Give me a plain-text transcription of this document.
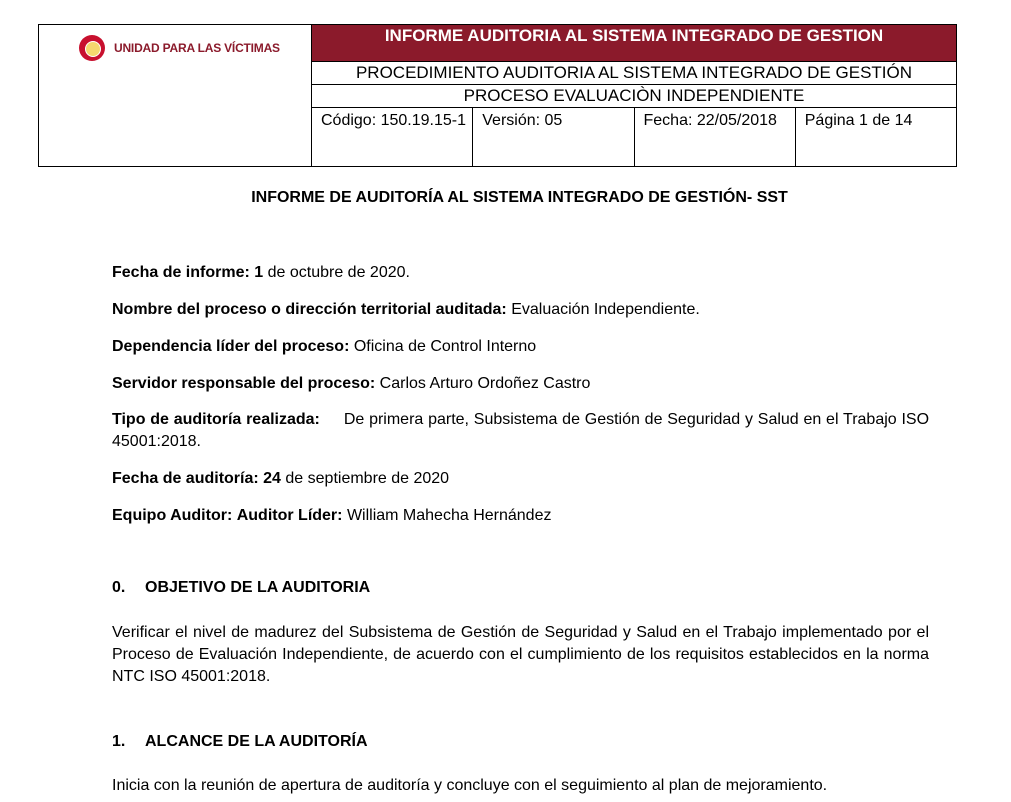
UNIDAD PARA LAS VÍCTIMAS	INFORME AUDITORIA AL SISTEMA INTEGRADO DE GESTION			
	PROCEDIMIENTO AUDITORIA AL SISTEMA INTEGRADO DE GESTIÓN			
	PROCESO EVALUACIÒN INDEPENDIENTE			
	Código: 150.19.15-1	Versión: 05	Fecha: 22/05/2018	Página 1 de 14
INFORME DE AUDITORÍA AL SISTEMA INTEGRADO DE GESTIÓN- SST
Fecha de informe: 1 de octubre de 2020.
Nombre del proceso o dirección territorial auditada: Evaluación Independiente.
Dependencia líder del proceso: Oficina de Control Interno
Servidor responsable del proceso: Carlos Arturo Ordoñez Castro
Tipo de auditoría realizada: De primera parte, Subsistema de Gestión de Seguridad y Salud en el Trabajo ISO 45001:2018.
Fecha de auditoría: 24 de septiembre de 2020
Equipo Auditor: Auditor Líder: William Mahecha Hernández
0. OBJETIVO DE LA AUDITORIA
Verificar el nivel de madurez del Subsistema de Gestión de Seguridad y Salud en el Trabajo implementado por el Proceso de Evaluación Independiente, de acuerdo con el cumplimiento de los requisitos establecidos en la norma NTC ISO 45001:2018.
1. ALCANCE DE LA AUDITORÍA
Inicia con la reunión de apertura de auditoría y concluye con el seguimiento al plan de mejoramiento.
